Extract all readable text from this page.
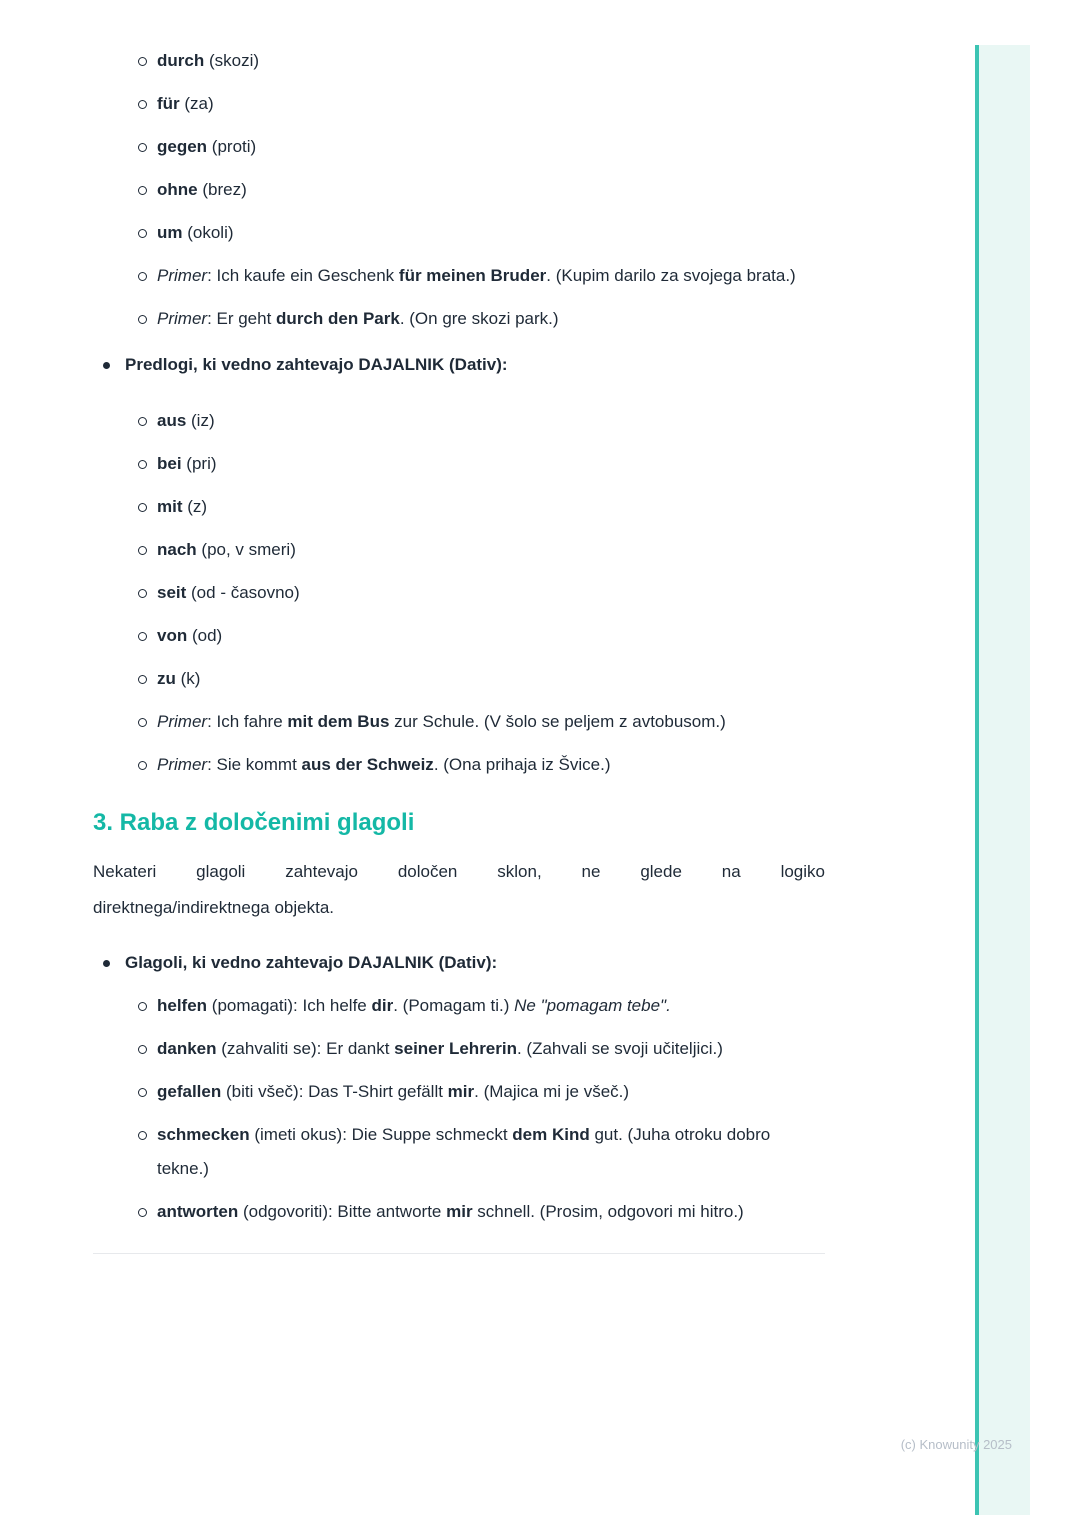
durch (skozi)
für (za)
gegen (proti)
ohne (brez)
um (okoli)
Primer: Ich kaufe ein Geschenk für meinen Bruder. (Kupim darilo za svojega brata.)
Primer: Er geht durch den Park. (On gre skozi park.)
Predlogi, ki vedno zahtevajo DAJALNIK (Dativ):
aus (iz)
bei (pri)
mit (z)
nach (po, v smeri)
seit (od - časovno)
von (od)
zu (k)
Primer: Ich fahre mit dem Bus zur Schule. (V šolo se peljem z avtobusom.)
Primer: Sie kommt aus der Schweiz. (Ona prihaja iz Švice.)
3. Raba z določenimi glagoli

Nekateri glagoli zahtevajo določen sklon, ne glede na logiko
direktnega/indirektnega objekta.

Glagoli, ki vedno zahtevajo DAJALNIK (Dativ):
helfen (pomagati): Ich helfe dir. (Pomagam ti.) Ne "pomagam tebe".
danken (zahvaliti se): Er dankt seiner Lehrerin. (Zahvali se svoji učiteljici.)
gefallen (biti všeč): Das T-Shirt gefällt mir. (Majica mi je všeč.)
schmecken (imeti okus): Die Suppe schmeckt dem Kind gut. (Juha otroku dobro tekne.)
antworten (odgovoriti): Bitte antworte mir schnell. (Prosim, odgovori mi hitro.)
(c) Knowunity 2025
